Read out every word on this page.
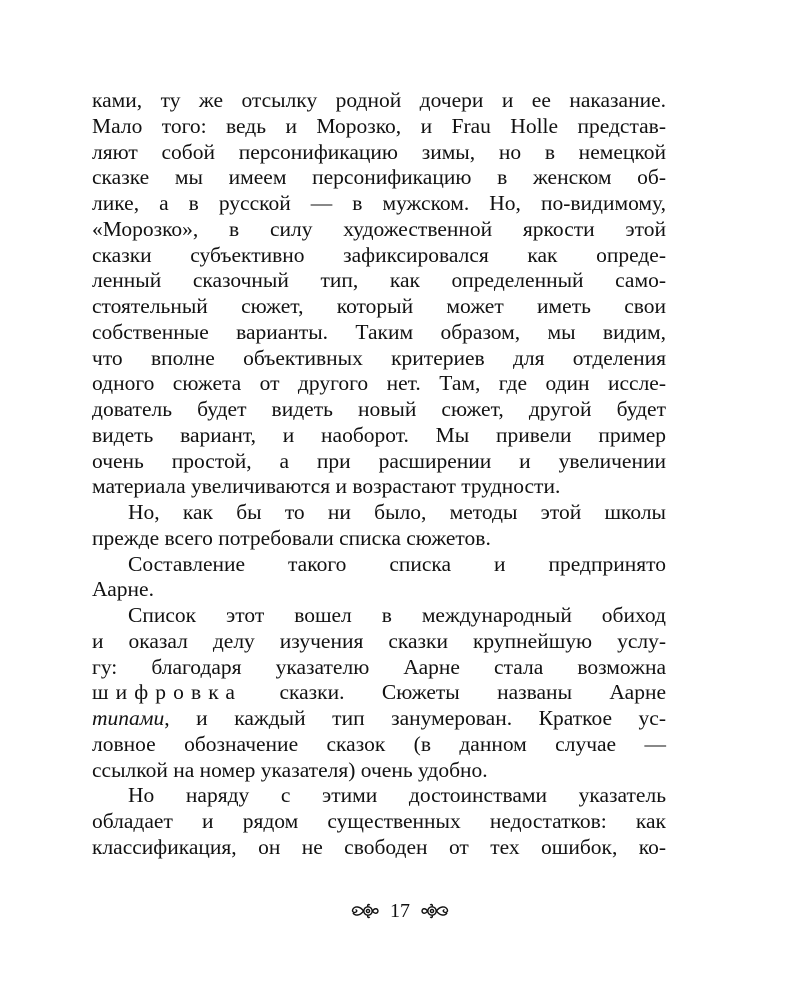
ками, ту же отсылку родной дочери и ее наказание.
Мало того: ведь и Морозко, и Frau Holle представ-
ляют собой персонификацию зимы, но в немецкой
сказке мы имеем персонификацию в женском об-
лике, а в русской — в мужском. Но, по-видимому,
«Морозко», в силу художественной яркости этой
сказки субъективно зафиксировался как опреде-
ленный сказочный тип, как определенный само-
стоятельный сюжет, который может иметь свои
собственные варианты. Таким образом, мы видим,
что вполне объективных критериев для отделения
одного сюжета от другого нет. Там, где один иссле-
дователь будет видеть новый сюжет, другой будет
видеть вариант, и наоборот. Мы привели пример
очень простой, а при расширении и увеличении
материала увеличиваются и возрастают трудности.
Но, как бы то ни было, методы этой школы
прежде всего потребовали списка сюжетов.
Составление такого списка и предпринято
Аарне.
Список этот вошел в международный обиход
и оказал делу изучения сказки крупнейшую услу-
гу: благодаря указателю Аарне стала возможна
шифровка сказки. Сюжеты названы Аарне
типами, и каждый тип занумерован. Краткое ус-
ловное обозначение сказок (в данном случае —
ссылкой на номер указателя) очень удобно.
Но наряду с этими достоинствами указатель
обладает и рядом существенных недостатков: как
классификация, он не свободен от тех ошибок, ко-
17
